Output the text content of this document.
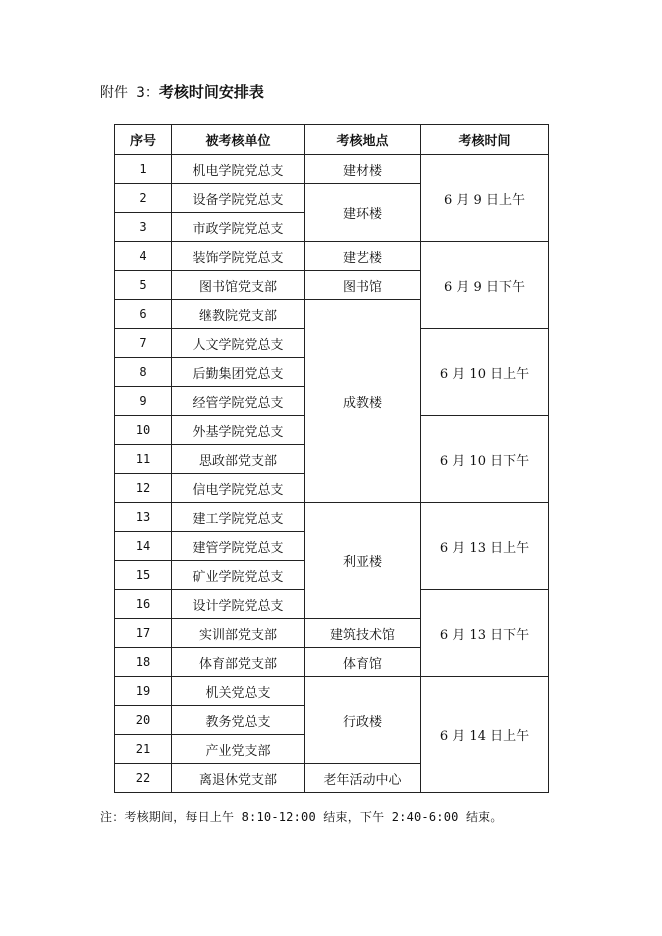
附件 3：考核时间安排表
序号	被考核单位	考核地点	考核时间
1	机电学院党总支	建材楼	6 月 9 日上午
2	设备学院党总支	建环楼	
3	市政学院党总支		
4	装饰学院党总支	建艺楼	6 月 9 日下午
5	图书馆党支部	图书馆	
6	继教院党支部	成教楼	
7	人文学院党总支		6 月 10 日上午
8	后勤集团党总支		
9	经管学院党总支		
10	外基学院党总支		6 月 10 日下午
11	思政部党支部		
12	信电学院党总支		
13	建工学院党总支	利亚楼	6 月 13 日上午
14	建管学院党总支		
15	矿业学院党总支		
16	设计学院党总支		6 月 13 日下午
17	实训部党支部	建筑技术馆	
18	体育部党支部	体育馆	
19	机关党总支	行政楼	6 月 14 日上午
20	教务党总支		
21	产业党支部		
22	离退休党支部	老年活动中心	
注：考核期间，每日上午 8:10-12:00 结束，下午 2:40-6:00 结束。
